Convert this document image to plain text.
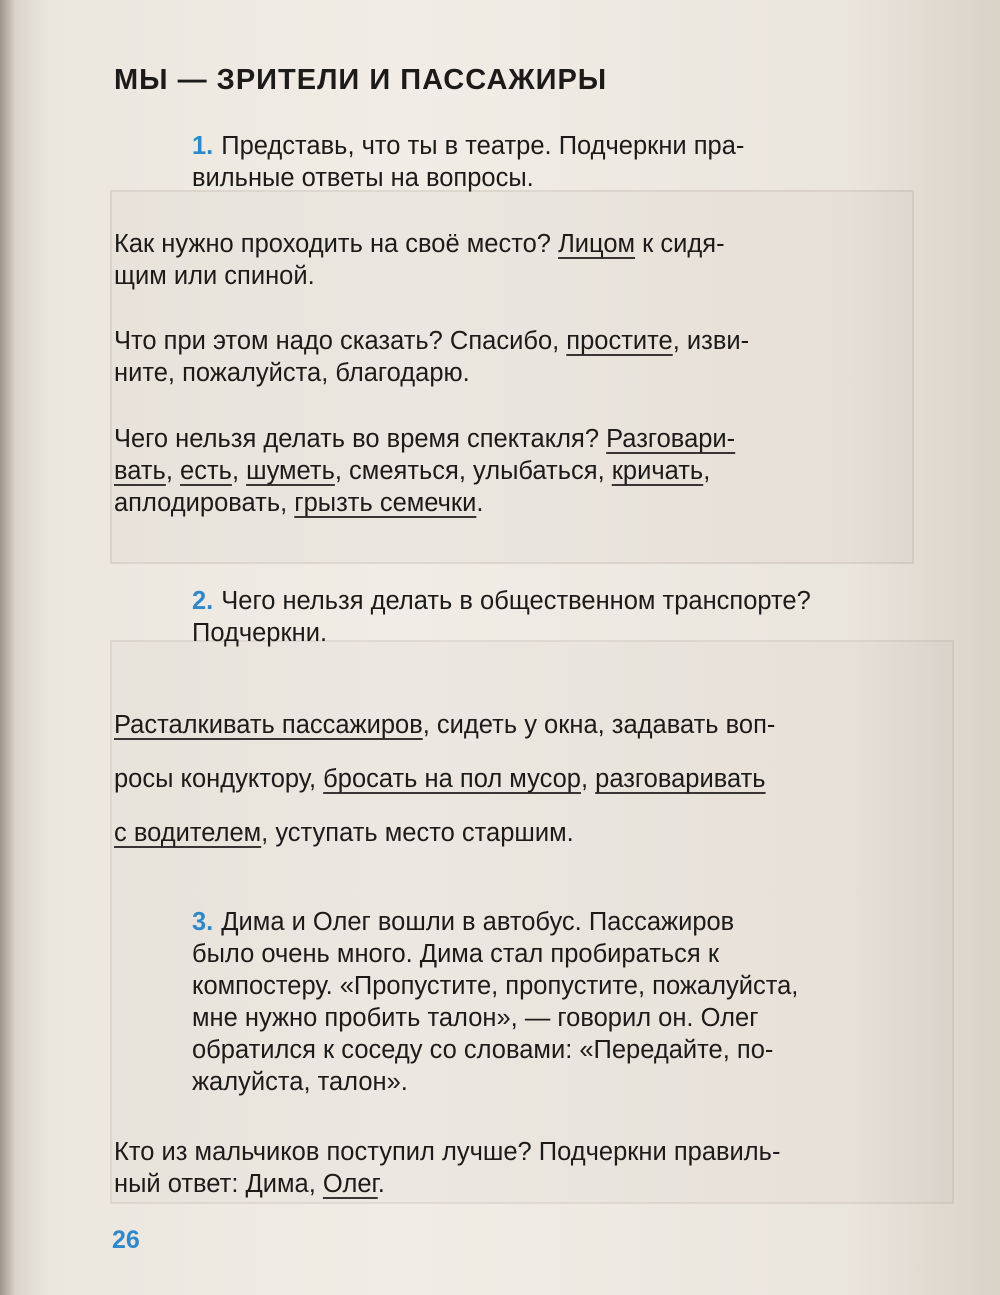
МЫ — ЗРИТЕЛИ И ПАССАЖИРЫ
1. Представь, что ты в театре. Подчеркни пра-
вильные ответы на вопросы.
Как нужно проходить на своё место? Лицом к сидя-
щим или спиной.
Что при этом надо сказать? Спасибо, простите, изви-
ните, пожалуйста, благодарю.
Чего нельзя делать во время спектакля? Разговари-
вать, есть, шуметь, смеяться, улыбаться, кричать,
аплодировать, грызть семечки.
2. Чего нельзя делать в общественном транспорте?
Подчеркни.
Расталкивать пассажиров, сидеть у окна, задавать воп-
росы кондуктору, бросать на пол мусор, разговаривать
с водителем, уступать место старшим.
3. Дима и Олег вошли в автобус. Пассажиров
было очень много. Дима стал пробираться к
компостеру. «Пропустите, пропустите, пожалуйста,
мне нужно пробить талон», — говорил он. Олег
обратился к соседу со словами: «Передайте, по-
жалуйста, талон».
Кто из мальчиков поступил лучше? Подчеркни правиль-
ный ответ: Дима, Олег.
26
